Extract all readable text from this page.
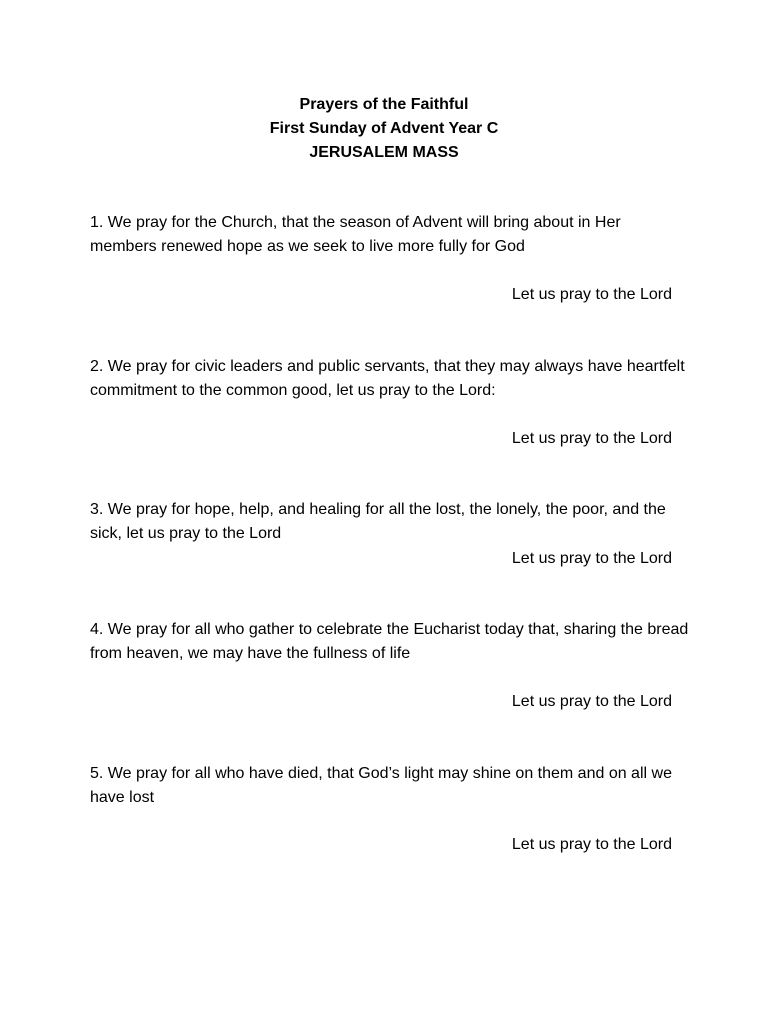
Prayers of the Faithful
First Sunday of Advent Year C
JERUSALEM MASS
1. We pray for the Church, that the season of Advent will bring about in Her members renewed hope as we seek to live more fully for God
Let us pray to the Lord
2. We pray for civic leaders and public servants, that they may always have heartfelt commitment to the common good, let us pray to the Lord:
Let us pray to the Lord
3. We pray for hope, help, and healing for all the lost, the lonely, the poor, and the sick, let us pray to the Lord
Let us pray to the Lord
4. We pray for all who gather to celebrate the Eucharist today that, sharing the bread from heaven, we may have the fullness of life
Let us pray to the Lord
5. We pray for all who have died, that God’s light may shine on them and on all we have lost
Let us pray to the Lord
